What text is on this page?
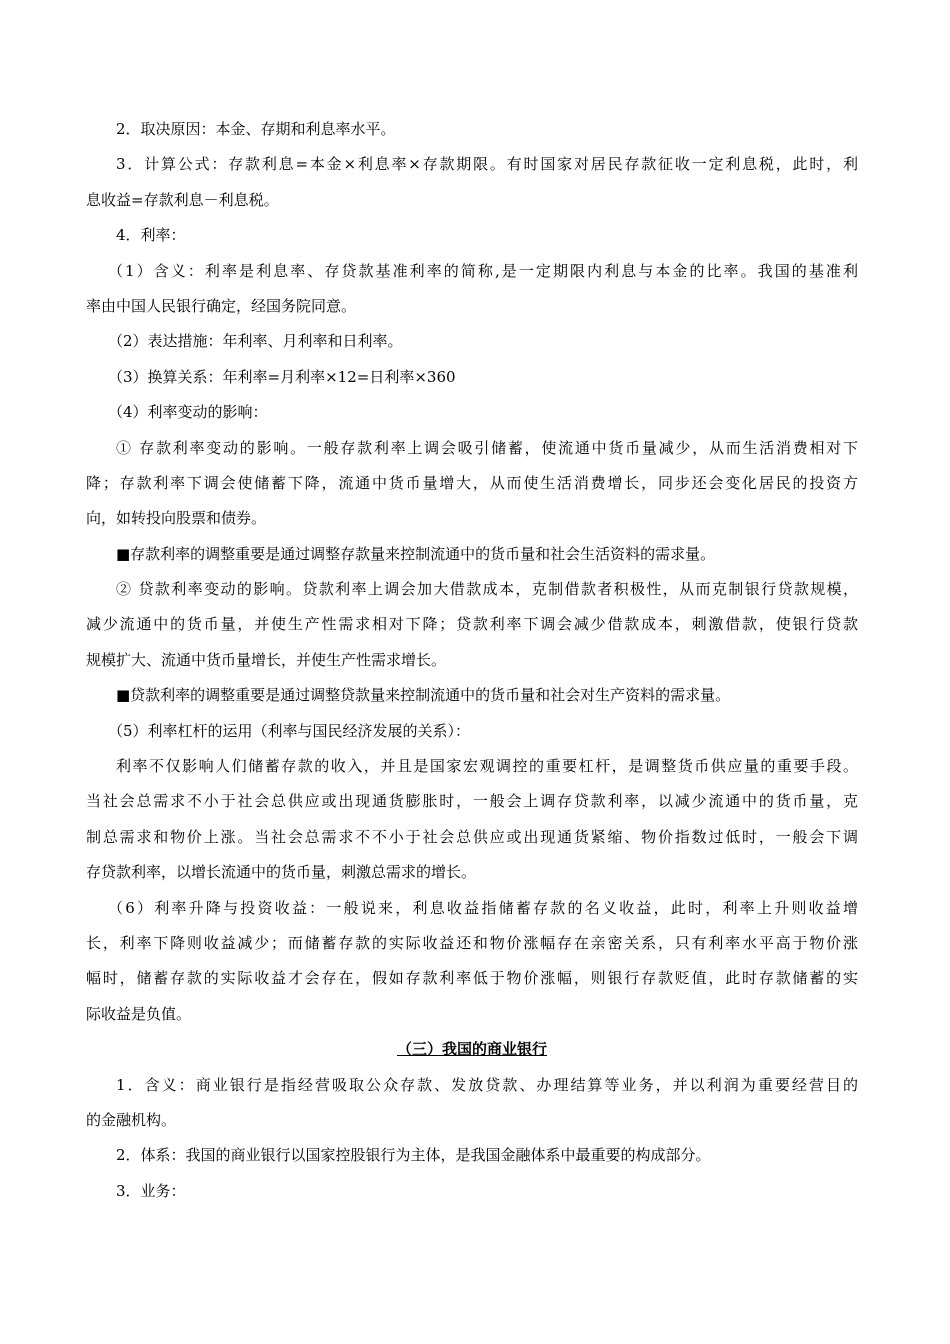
2．取决原因：本金、存期和利息率水平。
3．计算公式：存款利息=本金×利息率×存款期限。有时国家对居民存款征收一定利息税，此时，利
息收益=存款利息－利息税。
4．利率：
（1）含义：利率是利息率、存贷款基准利率的简称,是一定期限内利息与本金的比率。我国的基准利
率由中国人民银行确定，经国务院同意。
（2）表达措施：年利率、月利率和日利率。
（3）换算关系：年利率=月利率×12=日利率×360
（4）利率变动的影响：
① 存款利率变动的影响。一般存款利率上调会吸引储蓄，使流通中货币量减少，从而生活消费相对下
降；存款利率下调会使储蓄下降，流通中货币量增大，从而使生活消费增长，同步还会变化居民的投资方
向，如转投向股票和债券。
■存款利率的调整重要是通过调整存款量来控制流通中的货币量和社会生活资料的需求量。
② 贷款利率变动的影响。贷款利率上调会加大借款成本，克制借款者积极性，从而克制银行贷款规模，
减少流通中的货币量，并使生产性需求相对下降；贷款利率下调会减少借款成本，刺激借款，使银行贷款
规模扩大、流通中货币量增长，并使生产性需求增长。
■贷款利率的调整重要是通过调整贷款量来控制流通中的货币量和社会对生产资料的需求量。
（5）利率杠杆的运用（利率与国民经济发展的关系）：
利率不仅影响人们储蓄存款的收入，并且是国家宏观调控的重要杠杆，是调整货币供应量的重要手段。
当社会总需求不小于社会总供应或出现通货膨胀时，一般会上调存贷款利率，以减少流通中的货币量，克
制总需求和物价上涨。当社会总需求不不小于社会总供应或出现通货紧缩、物价指数过低时，一般会下调
存贷款利率，以增长流通中的货币量，刺激总需求的增长。
（6）利率升降与投资收益：一般说来，利息收益指储蓄存款的名义收益，此时，利率上升则收益增
长，利率下降则收益减少；而储蓄存款的实际收益还和物价涨幅存在亲密关系，只有利率水平高于物价涨
幅时，储蓄存款的实际收益才会存在，假如存款利率低于物价涨幅，则银行存款贬值，此时存款储蓄的实
际收益是负值。
（三）我国的商业银行
1．含义：商业银行是指经营吸取公众存款、发放贷款、办理结算等业务，并以利润为重要经营目的
的金融机构。
2．体系：我国的商业银行以国家控股银行为主体，是我国金融体系中最重要的构成部分。
3．业务：
